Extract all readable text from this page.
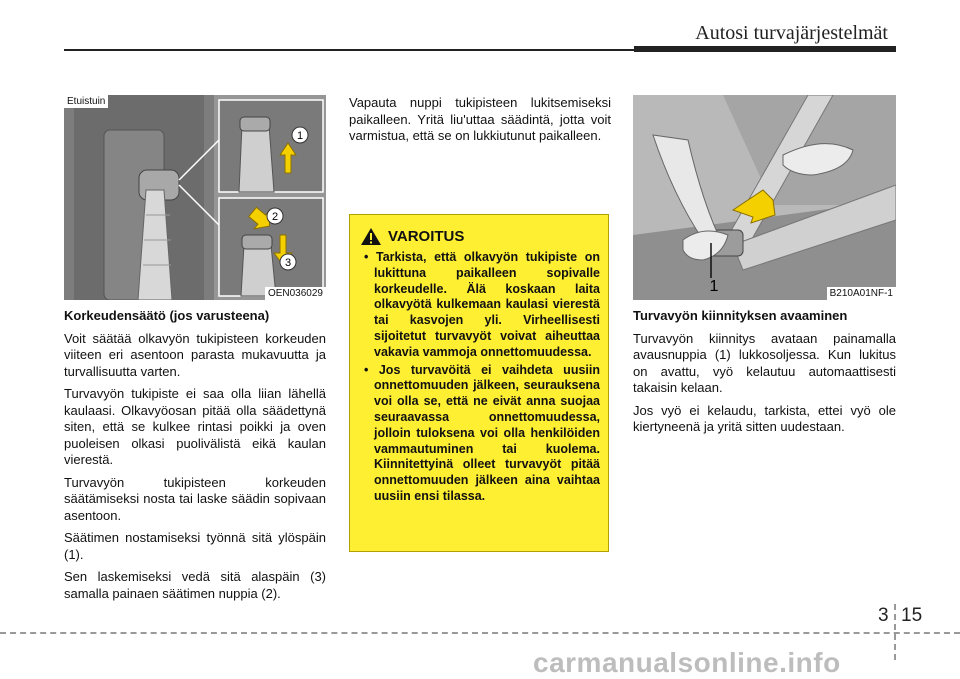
Autosi turvajärjestelmät
1
2
3
Etuistuin
OEN036029
Korkeudensäätö (jos varusteena)

Voit säätää olkavyön tukipisteen korkeuden viiteen eri asentoon parasta mukavuutta ja turvallisuutta varten.

Turvavyön tukipiste ei saa olla liian lähellä kaulaasi. Olkavyöosan pitää olla säädettynä siten, että se kulkee rintasi poikki ja oven puoleisen olkasi puolivälistä eikä kaulan vierestä.

Turvavyön tukipisteen korkeuden säätämiseksi nosta tai laske säädin sopivaan asentoon.

Säätimen nostamiseksi työnnä sitä ylöspäin (1).

Sen laskemiseksi vedä sitä alaspäin (3) samalla painaen säätimen nuppia (2).

Vapauta nuppi tukipisteen lukitsemiseksi paikalleen. Yritä liu'uttaa säädintä, jotta voit varmistua, että se on lukkiutunut paikalleen.

VAROITUS
• Tarkista, että olkavyön tukipiste on lukittuna paikalleen sopivalle korkeudelle. Älä koskaan laita olkavyötä kulkemaan kaulasi vierestä tai kasvojen yli. Virheellisesti sijoitetut turvavyöt voivat aiheuttaa vakavia vammoja onnettomuudessa.
• Jos turvavöitä ei vaihdeta uusiin onnettomuuden jälkeen, seurauksena voi olla se, että ne eivät anna suojaa seuraavassa onnettomuudessa, jolloin tuloksena voi olla henkilöiden vammautuminen tai kuolema. Kiinnitettyinä olleet turvavyöt pitää onnettomuuden jälkeen aina vaihtaa uusiin ensi tilassa.
1	B210A01NF-1
Turvavyön kiinnityksen avaaminen

Turvavyön kiinnitys avataan painamalla avausnuppia (1) lukkosoljessa. Kun lukitus on avattu, vyö kelautuu automaattisesti takaisin kelaan.

Jos vyö ei kelaudu, tarkista, ettei vyö ole kiertyneenä ja yritä sitten uudestaan.

3 15
carmanualsonline.info
